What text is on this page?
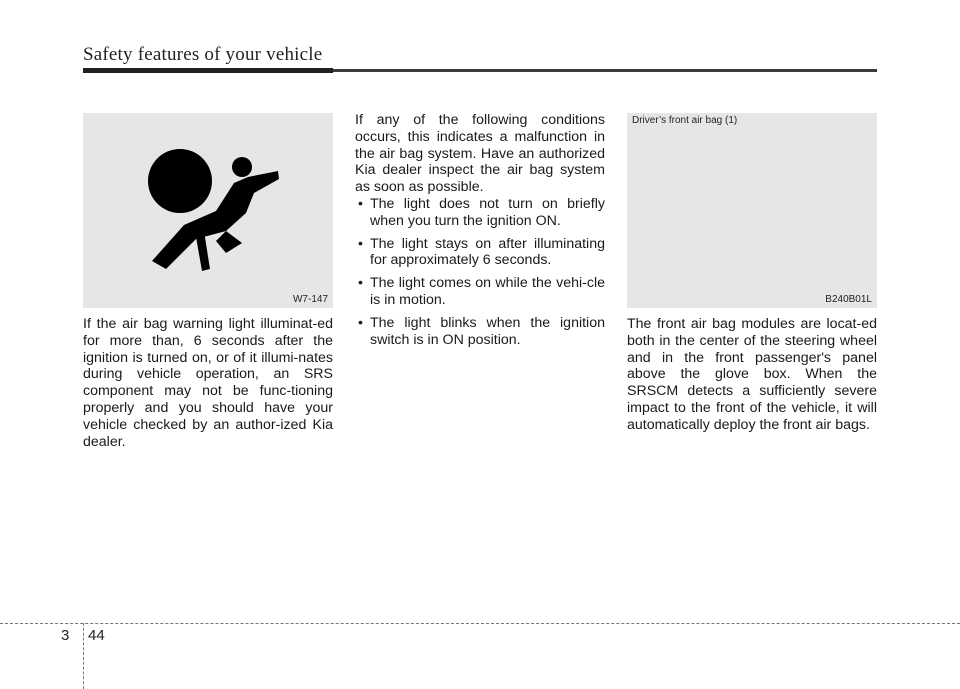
Safety features of your vehicle
W7-147

If the air bag warning light illuminat-ed for more than, 6 seconds after the ignition is turned on, or of it illumi-nates during vehicle operation, an SRS component may not be func-tioning properly and you should have your vehicle checked by an author-ized Kia dealer.

If any of the following conditions occurs, this indicates a malfunction in the air bag system. Have an authorized Kia dealer inspect the air bag system as soon as possible.

• The light does not turn on briefly when you turn the ignition ON.
• The light stays on after illuminating for approximately 6 seconds.
• The light comes on while the vehi-cle is in motion.
• The light blinks when the ignition switch is in ON position.
Driver’s front air bag (1)
B240B01L

The front air bag modules are locat-ed both in the center of the steering wheel and in the front passenger's panel above the glove box. When the SRSCM detects a sufficiently severe impact to the front of the vehicle, it will automatically deploy the front air bags.

3 44
